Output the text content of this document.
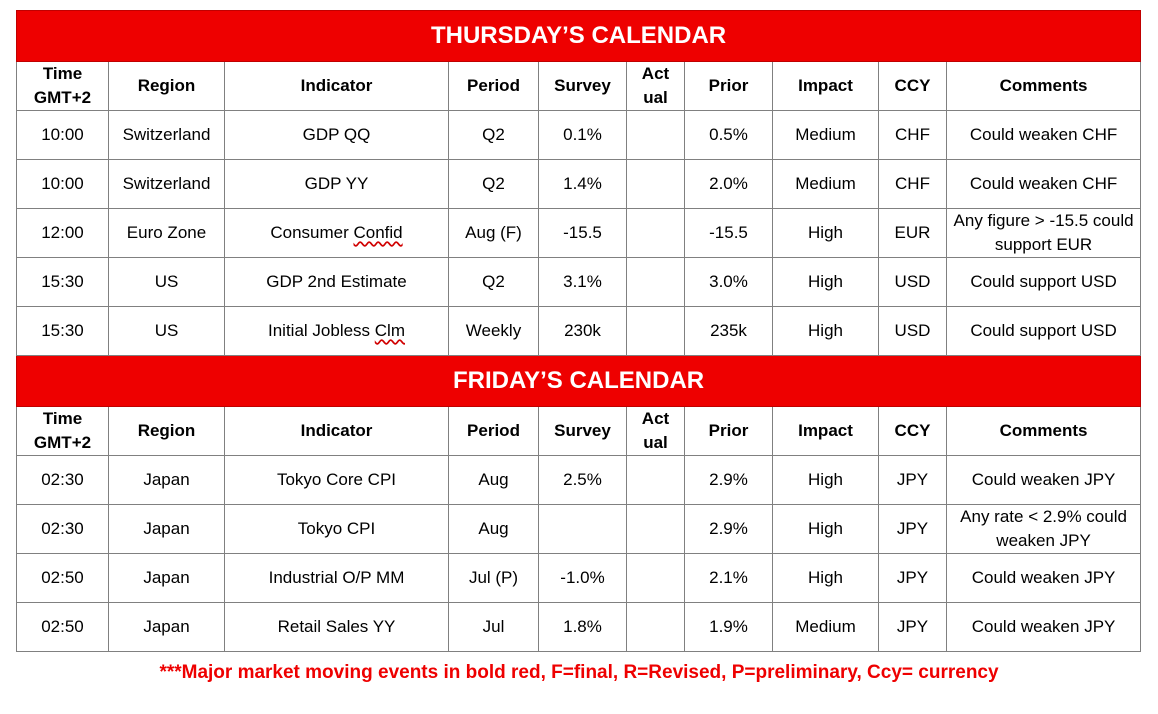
THURSDAY’S CALENDAR									
Time GMT+2	Region	Indicator	Period	Survey	Act ual	Prior	Impact	CCY	Comments
10:00	Switzerland	GDP QQ	Q2	0.1%		0.5%	Medium	CHF	Could weaken CHF
10:00	Switzerland	GDP YY	Q2	1.4%		2.0%	Medium	CHF	Could weaken CHF
12:00	Euro Zone	Consumer Confid	Aug (F)	-15.5		-15.5	High	EUR	Any figure > -15.5 could support EUR
15:30	US	GDP 2nd Estimate	Q2	3.1%		3.0%	High	USD	Could support USD
15:30	US	Initial Jobless Clm	Weekly	230k		235k	High	USD	Could support USD
FRIDAY’S CALENDAR									
Time GMT+2	Region	Indicator	Period	Survey	Act ual	Prior	Impact	CCY	Comments
02:30	Japan	Tokyo Core CPI	Aug	2.5%		2.9%	High	JPY	Could weaken JPY
02:30	Japan	Tokyo CPI	Aug			2.9%	High	JPY	Any rate < 2.9% could weaken JPY
02:50	Japan	Industrial O/P MM	Jul (P)	-1.0%		2.1%	High	JPY	Could weaken JPY
02:50	Japan	Retail Sales YY	Jul	1.8%		1.9%	Medium	JPY	Could weaken JPY
***Major market moving events in bold red, F=final, R=Revised, P=preliminary, Ccy= currency
